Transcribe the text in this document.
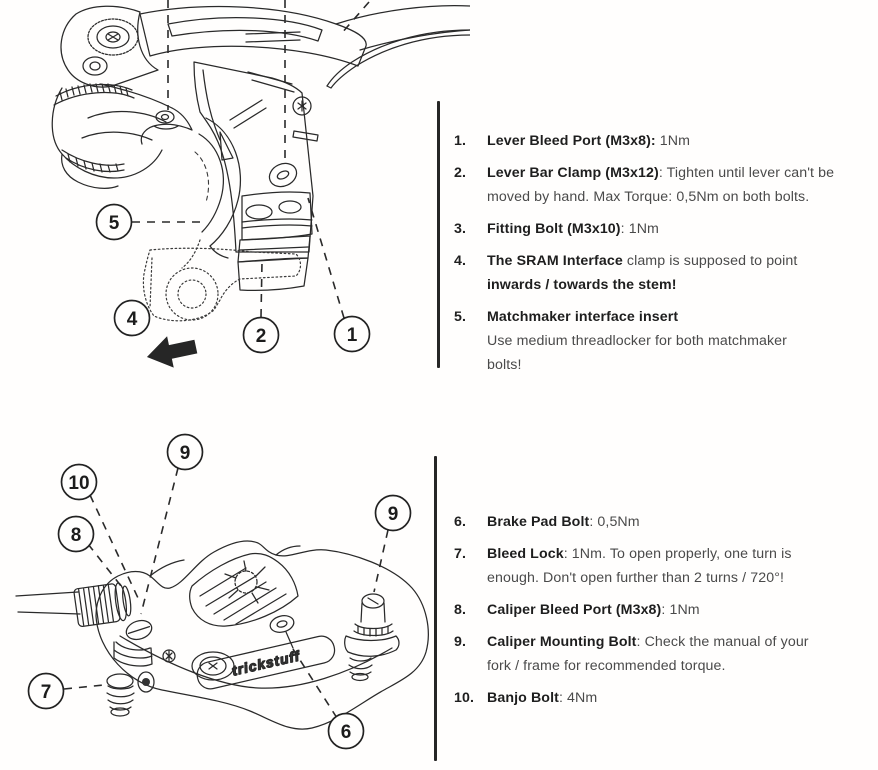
5
4
2	1
trickstuff
9
10
8
9
7
6
1.	Lever Bleed Port (M3x8): 1Nm
2.	Lever Bar Clamp (M3x12): Tighten until lever can't be
moved by hand. Max Torque: 0,5Nm on both bolts.
3.	Fitting Bolt (M3x10): 1Nm
4.	The SRAM Interface clamp is supposed to point
inwards / towards the stem!
5.	Matchmaker interface insert
Use medium threadlocker for both matchmaker
bolts!
6.	Brake Pad Bolt: 0,5Nm
7.	Bleed Lock: 1Nm. To open properly, one turn is
enough. Don't open further than 2 turns / 720°!
8.	Caliper Bleed Port (M3x8): 1Nm
9.	Caliper Mounting Bolt: Check the manual of your
fork / frame for recommended torque.
10. Banjo Bolt: 4Nm
